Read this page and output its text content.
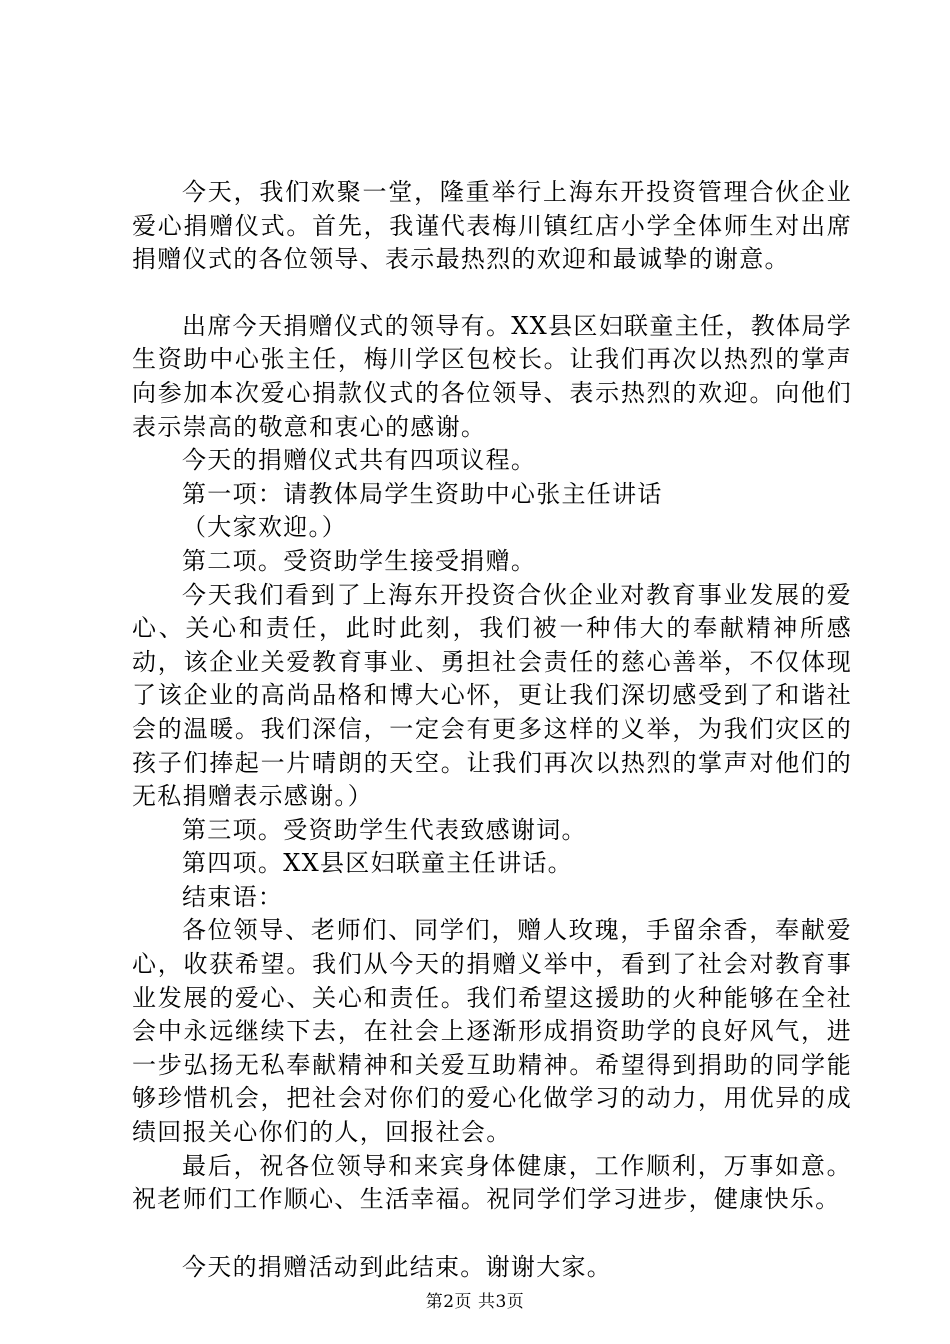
今天，我们欢聚一堂，隆重举行上海东开投资管理合伙企业爱心捐赠仪式。首先，我谨代表梅川镇红店小学全体师生对出席捐赠仪式的各位领导、表示最热烈的欢迎和最诚挚的谢意。

出席今天捐赠仪式的领导有。XX县区妇联童主任，教体局学生资助中心张主任，梅川学区包校长。让我们再次以热烈的掌声向参加本次爱心捐款仪式的各位领导、表示热烈的欢迎。向他们表示崇高的敬意和衷心的感谢。

今天的捐赠仪式共有四项议程。

第一项：请教体局学生资助中心张主任讲话

（大家欢迎。）

第二项。受资助学生接受捐赠。

今天我们看到了上海东开投资合伙企业对教育事业发展的爱心、关心和责任，此时此刻，我们被一种伟大的奉献精神所感动，该企业关爱教育事业、勇担社会责任的慈心善举，不仅体现了该企业的高尚品格和博大心怀，更让我们深切感受到了和谐社会的温暖。我们深信，一定会有更多这样的义举，为我们灾区的孩子们捧起一片晴朗的天空。让我们再次以热烈的掌声对他们的无私捐赠表示感谢。）

第三项。受资助学生代表致感谢词。

第四项。XX县区妇联童主任讲话。

结束语：

各位领导、老师们、同学们，赠人玫瑰，手留余香，奉献爱心，收获希望。我们从今天的捐赠义举中，看到了社会对教育事业发展的爱心、关心和责任。我们希望这援助的火种能够在全社会中永远继续下去，在社会上逐渐形成捐资助学的良好风气，进一步弘扬无私奉献精神和关爱互助精神。希望得到捐助的同学能够珍惜机会，把社会对你们的爱心化做学习的动力，用优异的成绩回报关心你们的人，回报社会。

最后，祝各位领导和来宾身体健康，工作顺利，万事如意。祝老师们工作顺心、生活幸福。祝同学们学习进步，健康快乐。

今天的捐赠活动到此结束。谢谢大家。

第2页 共3页
